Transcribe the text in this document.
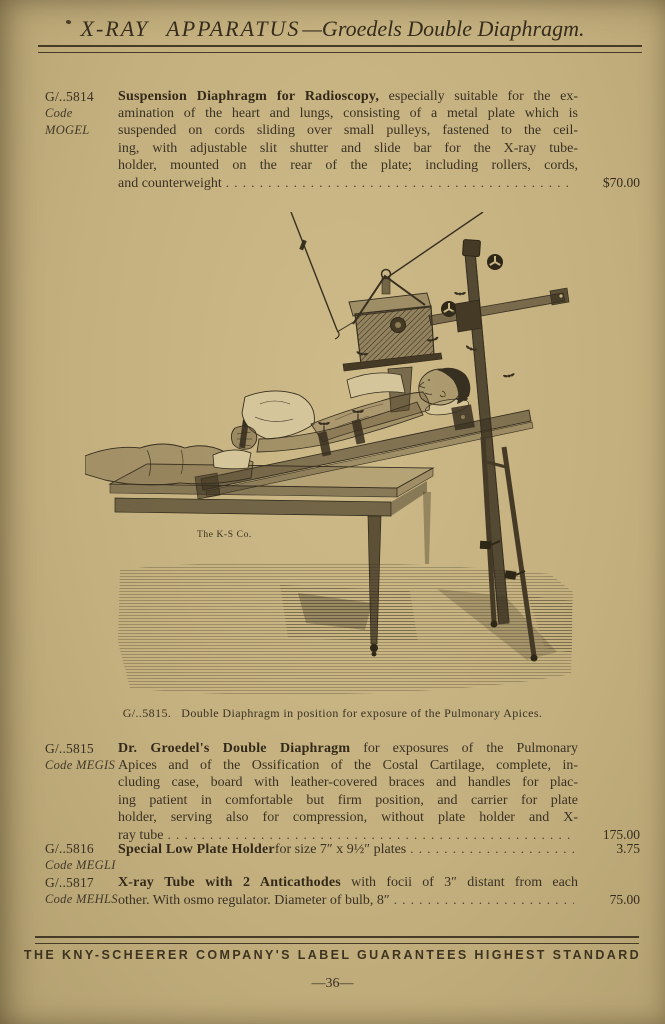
X-RAY APPARATUS—Groedels Double Diaphragm.
G/..5814
Code MOGEL
Suspension Diaphragm for Radioscopy, especially suitable for the ex-
amination of the heart and lungs, consisting of a metal plate which is
suspended on cords sliding over small pulleys, fastened to the ceil-
ing, with adjustable slit shutter and slide bar for the X-ray tube-
holder, mounted on the rear of the plate; including rollers, cords,
and counterweight . . .	$70.00
The K-S Co.
G/..5815. Double Diaphragm in position for exposure of the Pulmonary Apices.
G/..5815
Code MEGIS
Dr. Groedel's Double Diaphragm for exposures of the Pulmonary
Apices and of the Ossification of the Costal Cartilage, complete, in-
cluding case, board with leather-covered braces and handles for plac-
ing patient in comfortable but firm position, and carrier for plate
holder, serving also for compression, without plate holder and X-
ray tube . . .	175.00
G/..5816
Code MEGLI
Special Low Plate Holder for size 7″ x 9½″ plates . . .	3.75
G/..5817
Code MEHLS
X-ray Tube with 2 Anticathodes with focii of 3″ distant from each
other. With osmo regulator. Diameter of bulb, 8″ . . .	75.00
THE KNY-SCHEERER COMPANY'S LABEL GUARANTEES HIGHEST STANDARD
—36—
